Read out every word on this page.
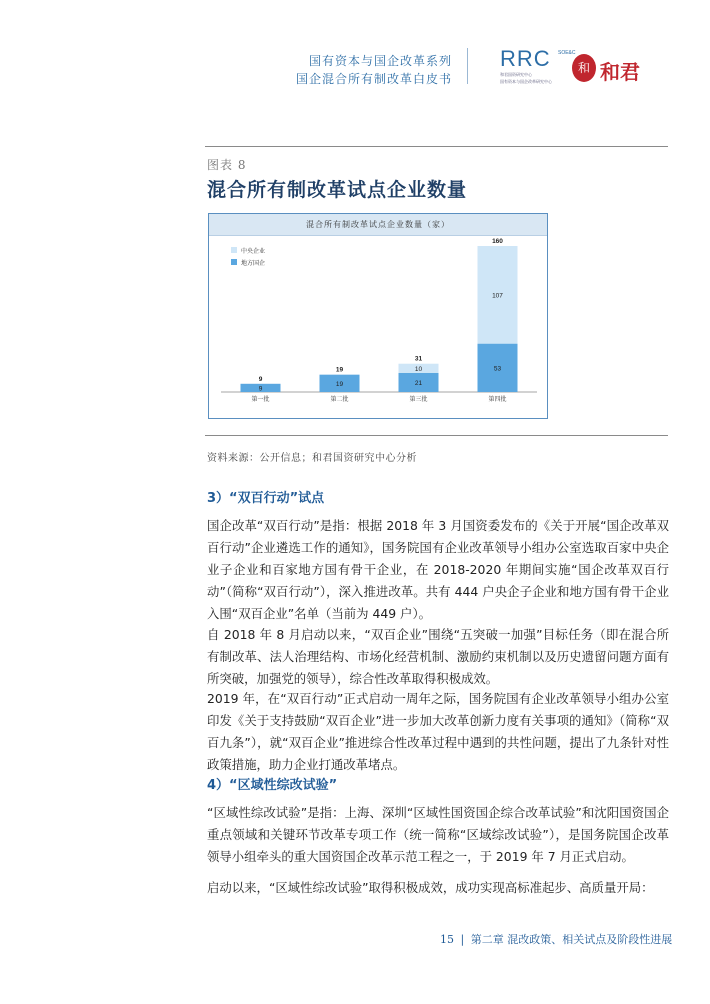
国有资本与国企改革系列
国企混合所有制改革白皮书
RRC	SOE&C
和君国资研究中心
国有资本与国企改革研究中心
和 和君
图表 8
混合所有制改革试点企业数量
混合所有制改革试点企业数量（家）
中央企业
地方国企
9
9
第一批
19
19
第二批
21
10
31
第三批
53
107
160
第四批
资料来源：公开信息；和君国资研究中心分析
3）“双百行动”试点
国企改革“双百行动”是指：根据 2018 年 3 月国资委发布的《关于开展“国企改革双百行动”企业遴选工作的通知》，国务院国有企业改革领导小组办公室选取百家中央企业子企业和百家地方国有骨干企业，在 2018-2020 年期间实施“国企改革双百行动”（简称“双百行动”），深入推进改革。共有 444 户央企子企业和地方国有骨干企业入围“双百企业”名单（当前为 449 户）。
自 2018 年 8 月启动以来，“双百企业”围绕“五突破一加强”目标任务（即在混合所有制改革、法人治理结构、市场化经营机制、激励约束机制以及历史遗留问题方面有所突破，加强党的领导），综合性改革取得积极成效。
2019 年，在“双百行动”正式启动一周年之际，国务院国有企业改革领导小组办公室印发《关于支持鼓励“双百企业”进一步加大改革创新力度有关事项的通知》（简称“双百九条”），就“双百企业”推进综合性改革过程中遇到的共性问题，提出了九条针对性政策措施，助力企业打通改革堵点。
4）“区域性综改试验”
“区域性综改试验”是指：上海、深圳“区域性国资国企综合改革试验”和沈阳国资国企重点领域和关键环节改革专项工作（统一简称“区域综改试验”），是国务院国企改革领导小组牵头的重大国资国企改革示范工程之一，于 2019 年 7 月正式启动。
启动以来，“区域性综改试验”取得积极成效，成功实现高标准起步、高质量开局：
15 | 第二章 混改政策、相关试点及阶段性进展
